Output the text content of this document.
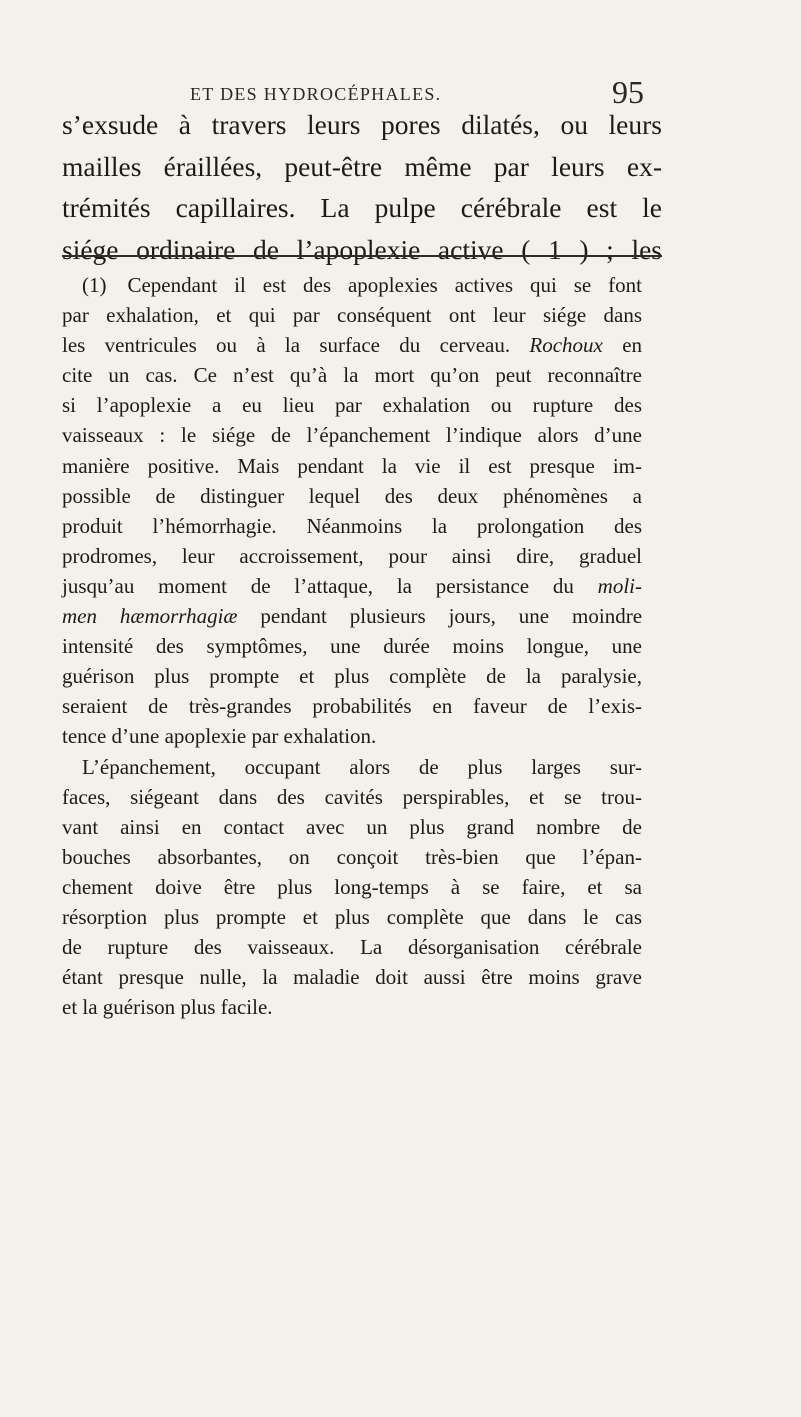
ET DES HYDROCÉPHALES.	95
s’exsude à travers leurs pores dilatés, ou leurs
mailles éraillées, peut-être même par leurs ex-
trémités capillaires. La pulpe cérébrale est le
siége ordinaire de l’apoplexie active ( 1 ) ; les
(1) Cependant il est des apoplexies actives qui se font
par exhalation, et qui par conséquent ont leur siége dans
les ventricules ou à la surface du cerveau. Rochoux en
cite un cas. Ce n’est qu’à la mort qu’on peut reconnaître
si l’apoplexie a eu lieu par exhalation ou rupture des
vaisseaux : le siége de l’épanchement l’indique alors d’une
manière positive. Mais pendant la vie il est presque im-
possible de distinguer lequel des deux phénomènes a
produit l’hémorrhagie. Néanmoins la prolongation des
prodromes, leur accroissement, pour ainsi dire, graduel
jusqu’au moment de l’attaque, la persistance du moli-
men hæmorrhagiæ pendant plusieurs jours, une moindre
intensité des symptômes, une durée moins longue, une
guérison plus prompte et plus complète de la paralysie,
seraient de très-grandes probabilités en faveur de l’exis-
tence d’une apoplexie par exhalation.
L’épanchement, occupant alors de plus larges sur-
faces, siégeant dans des cavités perspirables, et se trou-
vant ainsi en contact avec un plus grand nombre de
bouches absorbantes, on conçoit très-bien que l’épan-
chement doive être plus long-temps à se faire, et sa
résorption plus prompte et plus complète que dans le cas
de rupture des vaisseaux. La désorganisation cérébrale
étant presque nulle, la maladie doit aussi être moins grave
et la guérison plus facile.
